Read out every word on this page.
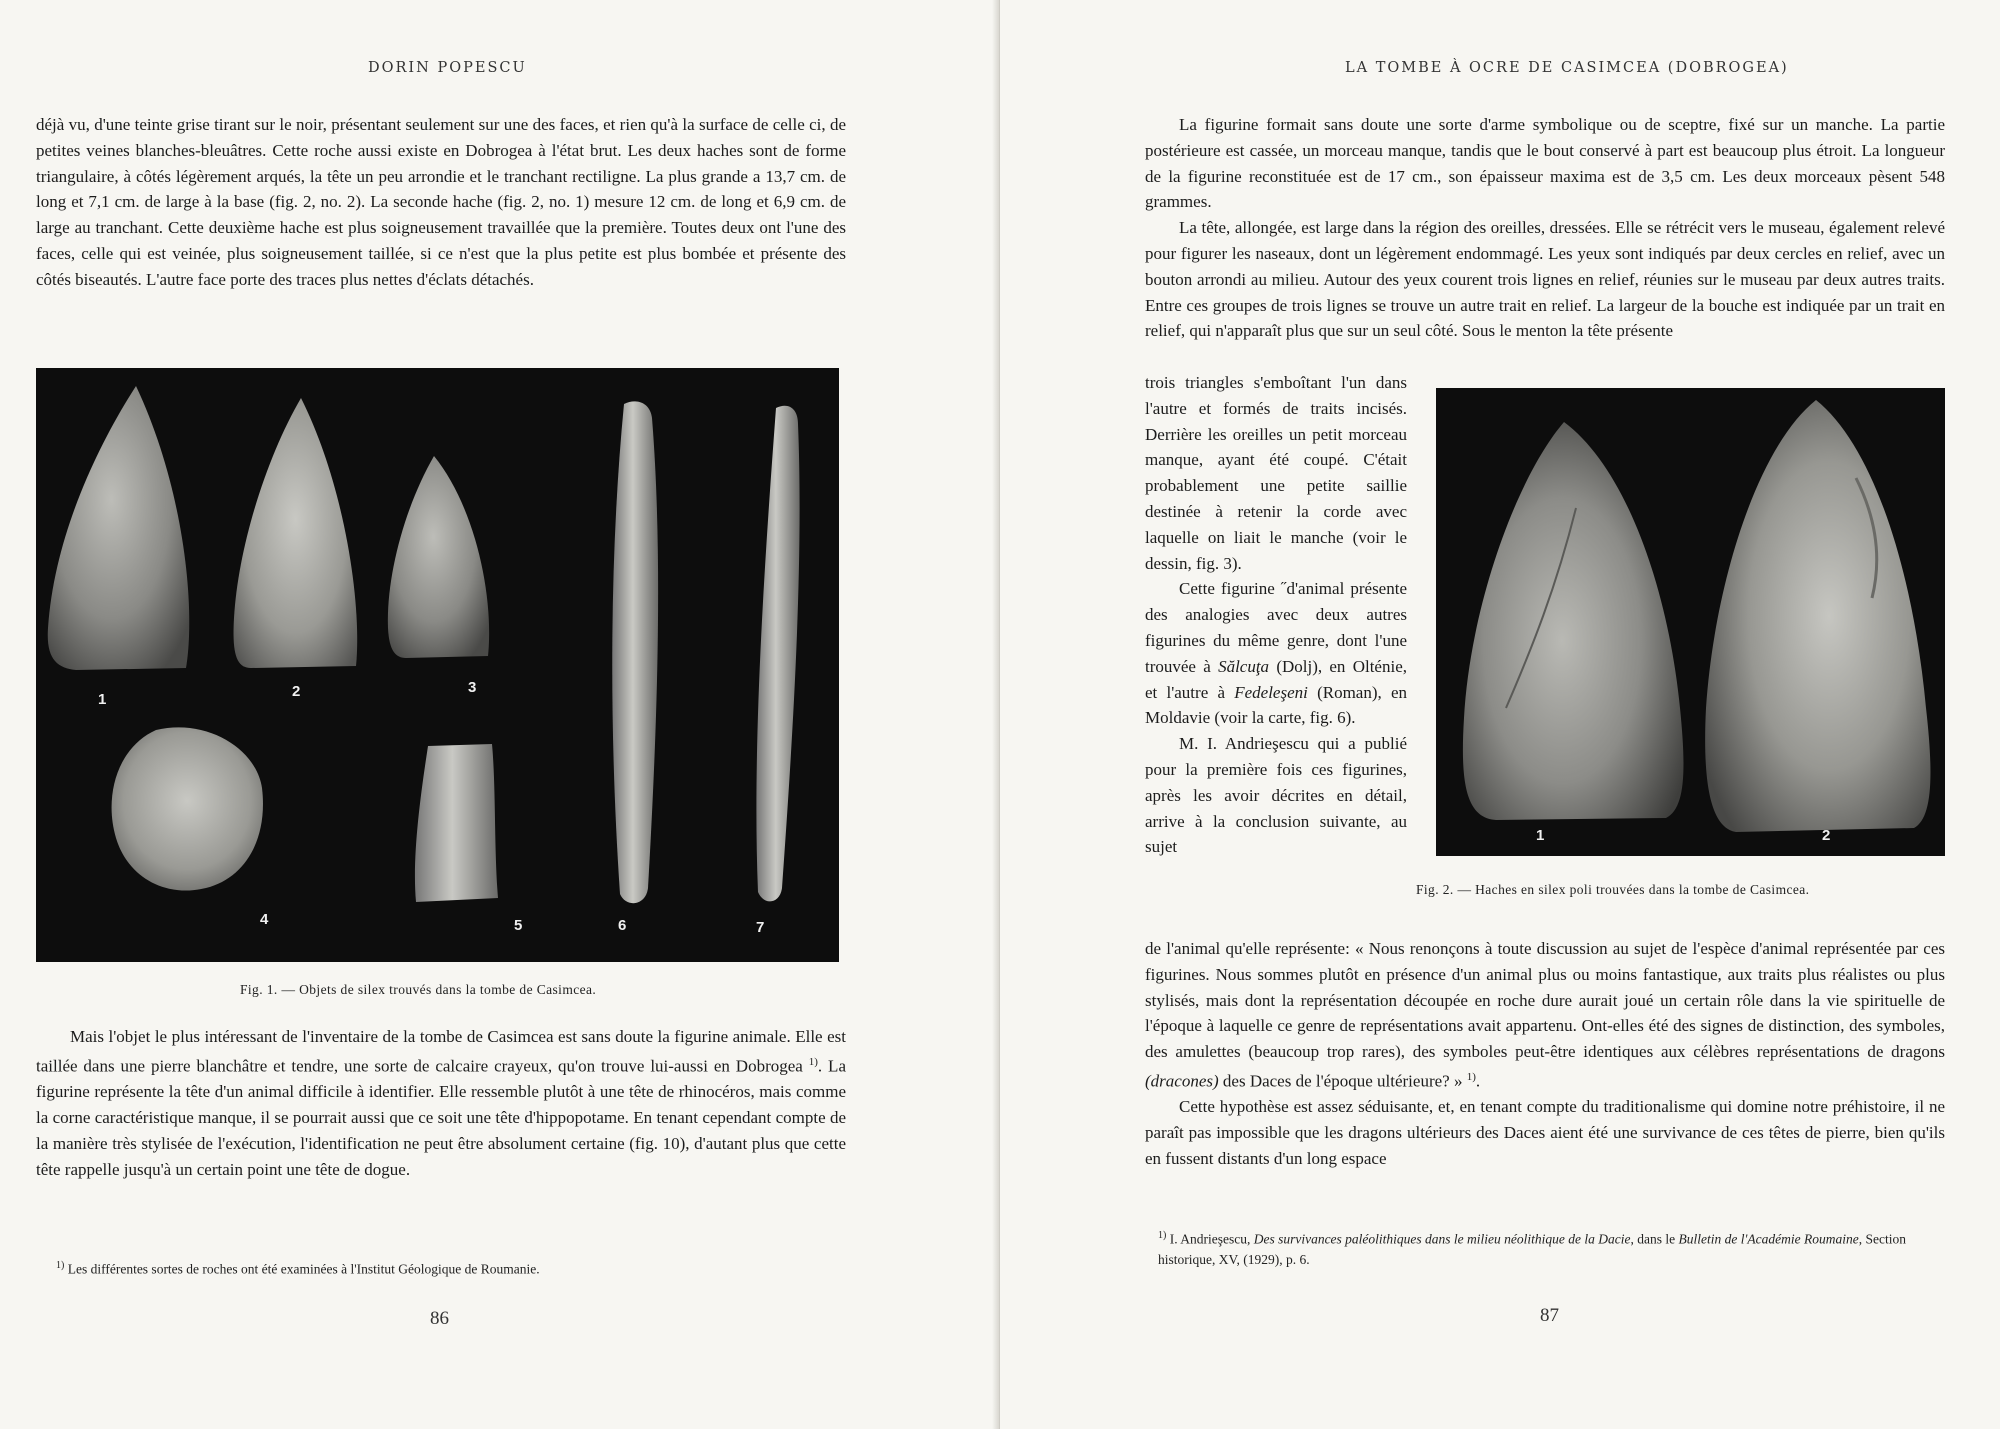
DORIN POPESCU

déjà vu, d'une teinte grise tirant sur le noir, présentant seulement sur une des faces, et rien qu'à la surface de celle ci, de petites veines blanches-bleuâtres. Cette roche aussi existe en Dobrogea à l'état brut. Les deux haches sont de forme triangulaire, à côtés légèrement arqués, la tête un peu arrondie et le tranchant rectiligne. La plus grande a 13,7 cm. de long et 7,1 cm. de large à la base (fig. 2, no. 2). La seconde hache (fig. 2, no. 1) mesure 12 cm. de long et 6,9 cm. de large au tranchant. Cette deuxième hache est plus soigneusement travaillée que la première. Toutes deux ont l'une des faces, celle qui est veinée, plus soigneusement taillée, si ce n'est que la plus petite est plus bombée et présente des côtés biseautés. L'autre face porte des traces plus nettes d'éclats détachés.

1	2	3
4	5	6	7
Fig. 1. — Objets de silex trouvés dans la tombe de Casimcea.

Mais l'objet le plus intéressant de l'inventaire de la tombe de Casimcea est sans doute la figurine animale. Elle est taillée dans une pierre blanchâtre et tendre, une sorte de calcaire crayeux, qu'on trouve lui-aussi en Dobrogea $^{1)}$. La figurine représente la tête d'un animal difficile à identifier. Elle ressemble plutôt à une tête de rhinocéros, mais comme la corne caractéristique manque, il se pourrait aussi que ce soit une tête d'hippopotame. En tenant cependant compte de la manière très stylisée de l'exécution, l'identification ne peut être absolument certaine (fig. 10), d'autant plus que cette tête rappelle jusqu'à un certain point une tête de dogue.

$^{1)}$ Les différentes sortes de roches ont été examinées à l'Institut Géologique de Roumanie.
86
LA TOMBE À OCRE DE CASIMCEA (DOBROGEA)

La figurine formait sans doute une sorte d'arme symbolique ou de sceptre, fixé sur un manche. La partie postérieure est cassée, un morceau manque, tandis que le bout conservé à part est beaucoup plus étroit. La longueur de la figurine reconstituée est de 17 cm., son épaisseur maxima est de 3,5 cm. Les deux morceaux pèsent 548 grammes.

La tête, allongée, est large dans la région des oreilles, dressées. Elle se rétrécit vers le museau, également relevé pour figurer les naseaux, dont un légèrement endommagé. Les yeux sont indiqués par deux cercles en relief, avec un bouton arrondi au milieu. Autour des yeux courent trois lignes en relief, réunies sur le museau par deux autres traits. Entre ces groupes de trois lignes se trouve un autre trait en relief. La largeur de la bouche est indiquée par un trait en relief, qui n'apparaît plus que sur un seul côté. Sous le menton la tête présente

trois triangles s'emboîtant l'un dans l'autre et formés de traits incisés. Derrière les oreilles un petit morceau manque, ayant été coupé. C'était probablement une petite saillie destinée à retenir la corde avec laquelle on liait le manche (voir le dessin, fig. 3).

Cette figurine ˝d'animal présente des analogies avec deux autres figurines du même genre, dont l'une trouvée à Sălcuţa (Dolj), en Olténie, et l'autre à Fedeleşeni (Roman), en Moldavie (voir la carte, fig. 6).

M. I. Andrieşescu qui a publié pour la première fois ces figurines, après les avoir décrites en détail, arrive à la conclusion suivante, au sujet

1	2
Fig. 2. — Haches en silex poli trouvées dans la tombe de Casimcea.

de l'animal qu'elle représente: « Nous renonçons à toute discussion au sujet de l'espèce d'animal représentée par ces figurines. Nous sommes plutôt en présence d'un animal plus ou moins fantastique, aux traits plus réalistes ou plus stylisés, mais dont la représentation découpée en roche dure aurait joué un certain rôle dans la vie spirituelle de l'époque à laquelle ce genre de représentations avait appartenu. Ont-elles été des signes de distinction, des symboles, des amulettes (beaucoup trop rares), des symboles peut-être identiques aux célèbres représentations de dragons (dracones) des Daces de l'époque ultérieure? » $^{1)}$.

Cette hypothèse est assez séduisante, et, en tenant compte du traditionalisme qui domine notre préhistoire, il ne paraît pas impossible que les dragons ultérieurs des Daces aient été une survivance de ces têtes de pierre, bien qu'ils en fussent distants d'un long espace

$^{1)}$ I. Andrieşescu, Des survivances paléolithiques dans le milieu néolithique de la Dacie, dans le Bulletin de l'Académie Roumaine, Section historique, XV, (1929), p. 6.
87
